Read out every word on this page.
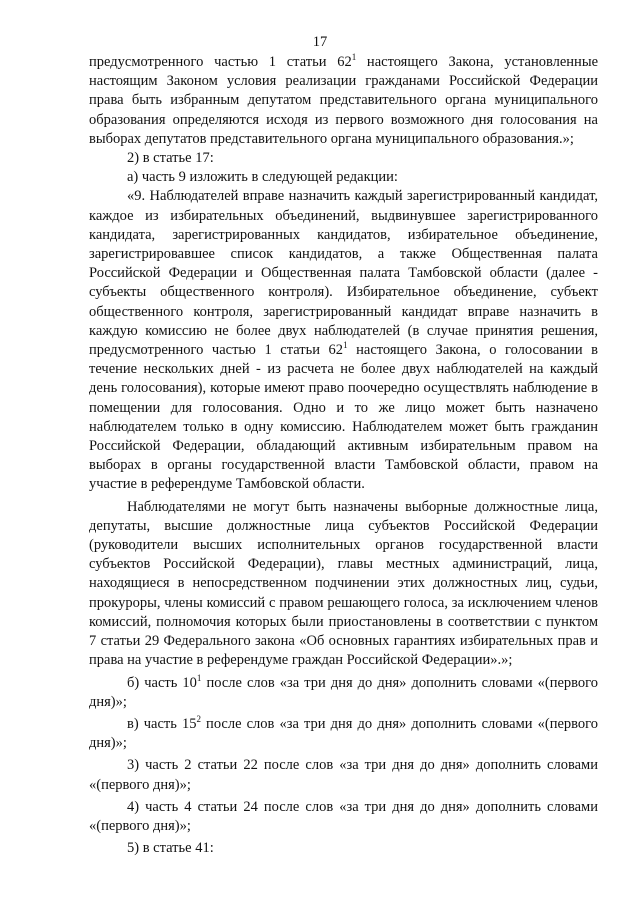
17

предусмотренного частью 1 статьи $62^1$ настоящего Закона, установленные настоящим Законом условия реализации гражданами Российской Федерации права быть избранным депутатом представительного органа муниципального образования определяются исходя из первого возможного дня голосования на выборах депутатов представительного органа муниципального образования.»;

2) в статье 17:

а) часть 9 изложить в следующей редакции:

«9. Наблюдателей вправе назначить каждый зарегистрированный кандидат, каждое из избирательных объединений, выдвинувшее зарегистрированного кандидата, зарегистрированных кандидатов, избирательное объединение, зарегистрировавшее список кандидатов, а также Общественная палата Российской Федерации и Общественная палата Тамбовской области (далее - субъекты общественного контроля). Избирательное объединение, субъект общественного контроля, зарегистрированный кандидат вправе назначить в каждую комиссию не более двух наблюдателей (в случае принятия решения, предусмотренного частью 1 статьи $62^1$ настоящего Закона, о голосовании в течение нескольких дней - из расчета не более двух наблюдателей на каждый день голосования), которые имеют право поочередно осуществлять наблюдение в помещении для голосования. Одно и то же лицо может быть назначено наблюдателем только в одну комиссию. Наблюдателем может быть гражданин Российской Федерации, обладающий активным избирательным правом на выборах в органы государственной власти Тамбовской области, правом на участие в референдуме Тамбовской области.

Наблюдателями не могут быть назначены выборные должностные лица, депутаты, высшие должностные лица субъектов Российской Федерации (руководители высших исполнительных органов государственной власти субъектов Российской Федерации), главы местных администраций, лица, находящиеся в непосредственном подчинении этих должностных лиц, судьи, прокуроры, члены комиссий с правом решающего голоса, за исключением членов комиссий, полномочия которых были приостановлены в соответствии с пунктом 7 статьи 29 Федерального закона «Об основных гарантиях избирательных прав и права на участие в референдуме граждан Российской Федерации».»;

б) часть $10^1$ после слов «за три дня до дня» дополнить словами «(первого дня)»;

в) часть $15^2$ после слов «за три дня до дня» дополнить словами «(первого дня)»;

3) часть 2 статьи 22 после слов «за три дня до дня» дополнить словами «(первого дня)»;

4) часть 4 статьи 24 после слов «за три дня до дня» дополнить словами «(первого дня)»;

5) в статье 41:
